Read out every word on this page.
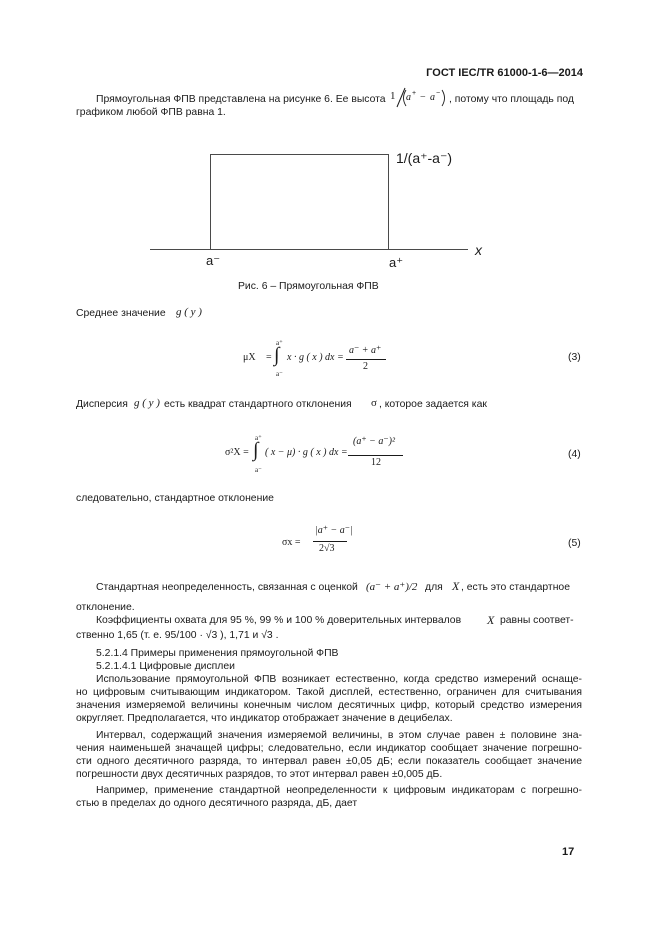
ГОСТ IEC/TR 61000-1-6—2014
Прямоугольная ФПВ представлена на рисунке 6. Ее высота 1 a + − a −
, потому что площадь под
графиком любой ФПВ равна 1.
1/(a⁺-a⁻)
x
a⁻	a⁺
Рис. 6 – Прямоугольная ФПВ
Среднее значение g ( y )
μX =
a⁺
∫
a⁻
x · g ( x ) dx =
a⁻ + a⁺
2
(3)
Дисперсия g ( y ) есть квадрат стандартного отклонения σ , которое задается как
σ²X =
a⁺
∫
a⁻
( x − μ) · g ( x ) dx =
(a⁺ − a⁻)²
12
(4)
следовательно, стандартное отклонение
σx =
|a⁺ − a⁻|
2√3	(5)
Стандартная неопределенность, связанная с оценкой (a⁻ + a⁺)/2 для X , есть это стандартное
отклонение.
Коэффициенты охвата для 95 %, 99 % и 100 % доверительных интервалов X равны соответ-
ственно 1,65 (т. е. 95/100 · √3 ), 1,71 и √3 .
5.2.1.4 Примеры применения прямоугольной ФПВ
5.2.1.4.1 Цифровые дисплеи
Использование прямоугольной ФПВ возникает естественно, когда средство измерений оснаще-
но цифровым считывающим индикатором. Такой дисплей, естественно, ограничен для считывания
значения измеряемой величины конечным числом десятичных цифр, который средство измерения
округляет. Предполагается, что индикатор отображает значение в децибелах.
Интервал, содержащий значения измеряемой величины, в этом случае равен ± половине зна-
чения наименьшей значащей цифры; следовательно, если индикатор сообщает значение погрешно-
сти одного десятичного разряда, то интервал равен ±0,05 дБ; если показатель сообщает значение
погрешности двух десятичных разрядов, то этот интервал равен ±0,005 дБ.
Например, применение стандартной неопределенности к цифровым индикаторам с погрешно-
стью в пределах до одного десятичного разряда, дБ, дает
17
